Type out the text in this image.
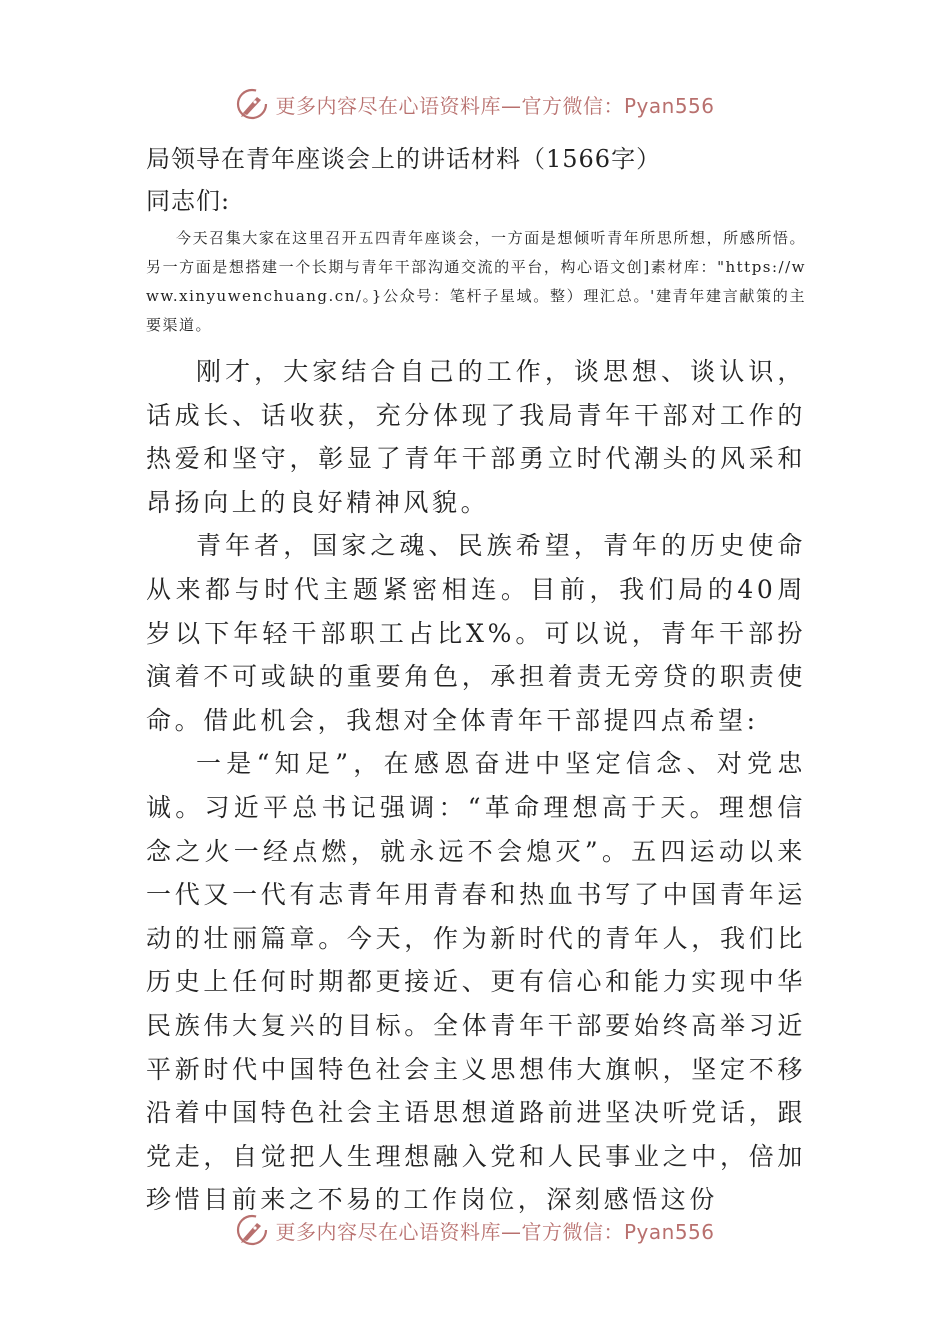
更多内容尽在心语资料库—官方微信：Pyan556
局领导在青年座谈会上的讲话材料（1566字）

同志们:

今天召集大家在这里召开五四青年座谈会，一方面是想倾听青年所思所想，所感所悟。另一方面是想搭建一个长期与青年干部沟通交流的平台，构心语文创]素材库："https://www.xinyuwenchuang.cn/。}公众号：笔杆子星域。整）理汇总。'建青年建言献策的主要渠道。

刚才，大家结合自己的工作，谈思想、谈认识，话成长、话收获，充分体现了我局青年干部对工作的热爱和坚守，彰显了青年干部勇立时代潮头的风采和昂扬向上的良好精神风貌。

青年者，国家之魂、民族希望，青年的历史使命从来都与时代主题紧密相连。目前，我们局的40周岁以下年轻干部职工占比X%。可以说，青年干部扮演着不可或缺的重要角色，承担着责无旁贷的职责使命。借此机会，我想对全体青年干部提四点希望:

一是“知足”，在感恩奋进中坚定信念、对党忠诚。习近平总书记强调：“革命理想高于天。理想信念之火一经点燃，就永远不会熄灭”。五四运动以来一代又一代有志青年用青春和热血书写了中国青年运动的壮丽篇章。今天，作为新时代的青年人，我们比历史上任何时期都更接近、更有信心和能力实现中华民族伟大复兴的目标。全体青年干部要始终高举习近平新时代中国特色社会主义思想伟大旗帜，坚定不移沿着中国特色社会主语思想道路前进坚决听党话，跟党走，自觉把人生理想融入党和人民事业之中，倍加珍惜目前来之不易的工作岗位，深刻感悟这份

更多内容尽在心语资料库—官方微信：Pyan556
